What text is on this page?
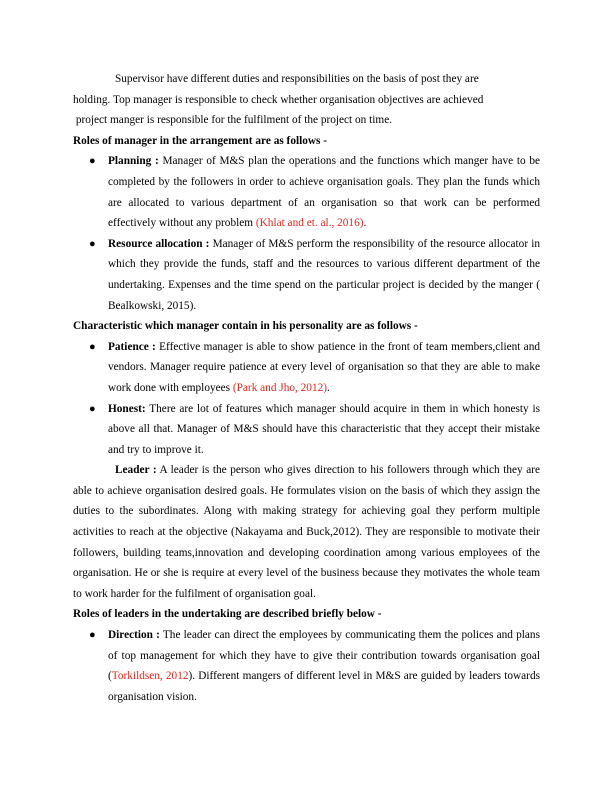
Supervisor have different duties and responsibilities on the basis of post they are

holding. Top manager is responsible to check whether organisation objectives are achieved

project manger is responsible for the fulfilment of the project on time.

Roles of manager in the arrangement are as follows -

● Planning : Manager of M&S plan the operations and the functions which manger have to be completed by the followers in order to achieve organisation goals. They plan the funds which are allocated to various department of an organisation so that work can be performed effectively without any problem (Khlat and et. al., 2016).

● Resource allocation : Manager of M&S perform the responsibility of the resource allocator in which they provide the funds, staff and the resources to various different department of the undertaking. Expenses and the time spend on the particular project is decided by the manger ( Bealkowski, 2015).

Characteristic which manager contain in his personality are as follows -

● Patience : Effective manager is able to show patience in the front of team members,client and vendors. Manager require patience at every level of organisation so that they are able to make work done with employees (Park and Jho, 2012).

● Honest: There are lot of features which manager should acquire in them in which honesty is above all that. Manager of M&S should have this characteristic that they accept their mistake and try to improve it.

Leader : A leader is the person who gives direction to his followers through which they are able to achieve organisation desired goals. He formulates vision on the basis of which they assign the duties to the subordinates. Along with making strategy for achieving goal they perform multiple activities to reach at the objective (Nakayama and Buck,2012). They are responsible to motivate their followers, building teams,innovation and developing coordination among various employees of the organisation. He or she is require at every level of the business because they motivates the whole team to work harder for the fulfilment of organisation goal.

Roles of leaders in the undertaking are described briefly below -

● Direction : The leader can direct the employees by communicating them the polices and plans of top management for which they have to give their contribution towards organisation goal (Torkildsen, 2012). Different mangers of different level in M&S are guided by leaders towards organisation vision.
